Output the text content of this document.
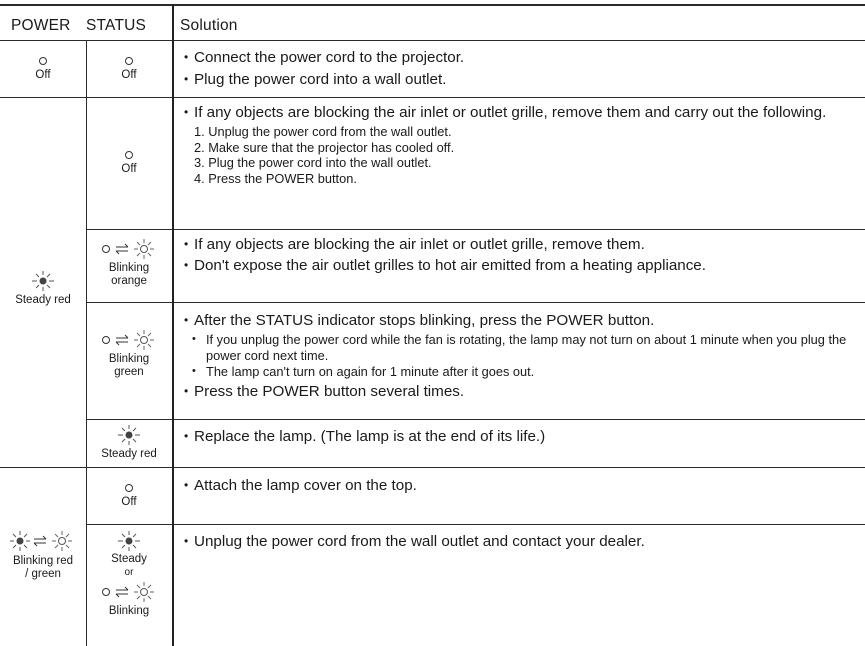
POWER STATUS Solution
Off	Off
• Connect the power cord to the projector.
• Plug the power cord into a wall outlet.
Steady red
Off
• If any objects are blocking the air inlet or outlet grille, remove them and carry out the following.
1. Unplug the power cord from the wall outlet.
2. Make sure that the projector has cooled off.
3. Plug the power cord into the wall outlet.
4. Press the POWER button.
Blinking
orange
• If any objects are blocking the air inlet or outlet grille, remove them.
• Don't expose the air outlet grilles to hot air emitted from a heating appliance.
Blinking
green
• After the STATUS indicator stops blinking, press the POWER button.
• If you unplug the power cord while the fan is rotating, the lamp may not turn on about 1 minute when you plug the power cord next time.
• The lamp can't turn on again for 1 minute after it goes out.
• Press the POWER button several times.
Steady red
• Replace the lamp. (The lamp is at the end of its life.)
Blinking red
/ green
Off
• Attach the lamp cover on the top.
Steady
or
Blinking
• Unplug the power cord from the wall outlet and contact your dealer.
